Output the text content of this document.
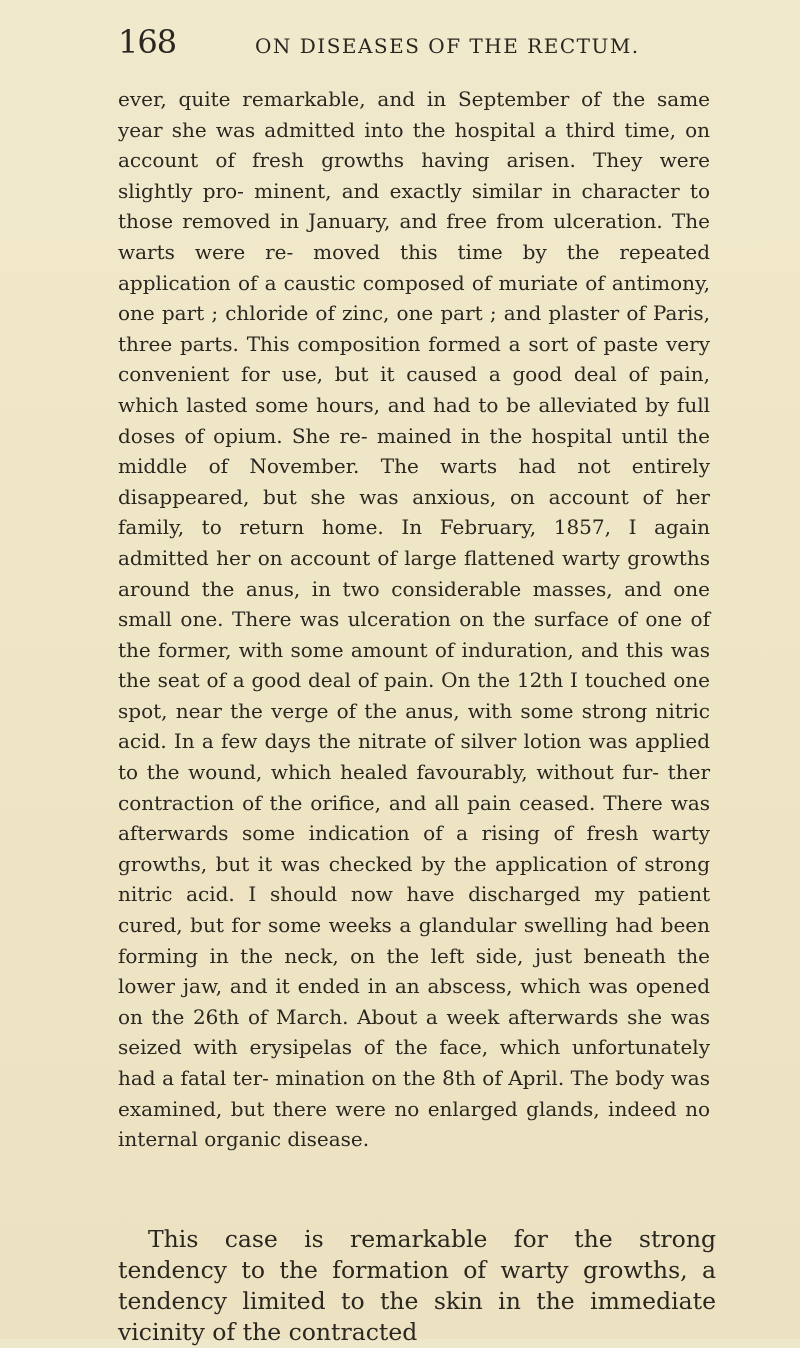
168	ON DISEASES OF THE RECTUM.

ever, quite remarkable, and in September of the same year she was admitted into the hospital a third time, on account of fresh growths having arisen. They were slightly pro- minent, and exactly similar in character to those removed in January, and free from ulceration. The warts were re- moved this time by the repeated application of a caustic composed of muriate of antimony, one part ; chloride of zinc, one part ; and plaster of Paris, three parts. This composition formed a sort of paste very convenient for use, but it caused a good deal of pain, which lasted some hours, and had to be alleviated by full doses of opium. She re- mained in the hospital until the middle of November. The warts had not entirely disappeared, but she was anxious, on account of her family, to return home. In February, 1857, I again admitted her on account of large flattened warty growths around the anus, in two considerable masses, and one small one. There was ulceration on the surface of one of the former, with some amount of induration, and this was the seat of a good deal of pain. On the 12th I touched one spot, near the verge of the anus, with some strong nitric acid. In a few days the nitrate of silver lotion was applied to the wound, which healed favourably, without fur- ther contraction of the orifice, and all pain ceased. There was afterwards some indication of a rising of fresh warty growths, but it was checked by the application of strong nitric acid. I should now have discharged my patient cured, but for some weeks a glandular swelling had been forming in the neck, on the left side, just beneath the lower jaw, and it ended in an abscess, which was opened on the 26th of March. About a week afterwards she was seized with erysipelas of the face, which unfortunately had a fatal ter- mination on the 8th of April. The body was examined, but there were no enlarged glands, indeed no internal organic disease.

This case is remarkable for the strong tendency to the formation of warty growths, a tendency limited to the skin in the immediate vicinity of the contracted
